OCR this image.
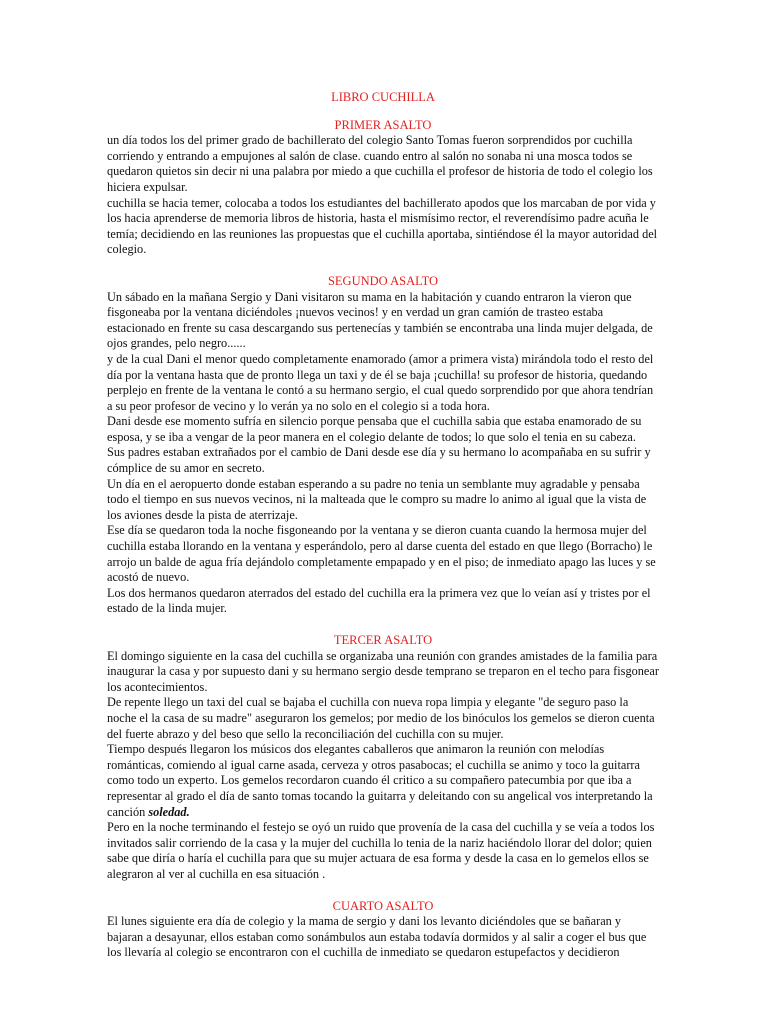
LIBRO CUCHILLA
PRIMER ASALTO

un día todos los del primer grado de bachillerato del colegio Santo Tomas fueron sorprendidos por cuchilla corriendo y entrando a empujones al salón de clase. cuando entro al salón no sonaba ni una mosca todos se quedaron quietos sin decir ni una palabra por miedo a que cuchilla el profesor de historia de todo el colegio los hiciera expulsar.

cuchilla se hacia temer, colocaba a todos los estudiantes del bachillerato apodos que los marcaban de por vida y los hacia aprenderse de memoria libros de historia, hasta el mismísimo rector, el reverendísimo padre acuña le temía; decidiendo en las reuniones las propuestas que el cuchilla aportaba, sintiéndose él la mayor autoridad del colegio.

SEGUNDO ASALTO

Un sábado en la mañana Sergio y Dani visitaron su mama en la habitación y cuando entraron la vieron que fisgoneaba por la ventana diciéndoles ¡nuevos vecinos! y en verdad un gran camión de trasteo estaba estacionado en frente su casa descargando sus pertenecías y también se encontraba una linda mujer delgada, de ojos grandes, pelo negro......

y de la cual Dani el menor quedo completamente enamorado (amor a primera vista) mirándola todo el resto del día por la ventana hasta que de pronto llega un taxi y de él se baja ¡cuchilla! su profesor de historia, quedando perplejo en frente de la ventana le contó a su hermano sergio, el cual quedo sorprendido por que ahora tendrían a su peor profesor de vecino y lo verán ya no solo en el colegio si a toda hora.

Dani desde ese momento sufría en silencio porque pensaba que el cuchilla sabia que estaba enamorado de su esposa, y se iba a vengar de la peor manera en el colegio delante de todos; lo que solo el tenia en su cabeza.

Sus padres estaban extrañados por el cambio de Dani desde ese día y su hermano lo acompañaba en su sufrir y cómplice de su amor en secreto.

Un día en el aeropuerto donde estaban esperando a su padre no tenia un semblante muy agradable y pensaba todo el tiempo en sus nuevos vecinos, ni la malteada que le compro su madre lo animo al igual que la vista de los aviones desde la pista de aterrizaje.

Ese día se quedaron toda la noche fisgoneando por la ventana y se dieron cuanta cuando la hermosa mujer del cuchilla estaba llorando en la ventana y esperándolo, pero al darse cuenta del estado en que llego (Borracho) le arrojo un balde de agua fría dejándolo completamente empapado y en el piso; de inmediato apago las luces y se acostó de nuevo.

Los dos hermanos quedaron aterrados del estado del cuchilla era la primera vez que lo veían así y tristes por el estado de la linda mujer.

TERCER ASALTO

El domingo siguiente en la casa del cuchilla se organizaba una reunión con grandes amistades de la familia para inaugurar la casa y por supuesto dani y su hermano sergio desde temprano se treparon en el techo para fisgonear los acontecimientos.

De repente llego un taxi del cual se bajaba el cuchilla con nueva ropa limpia y elegante "de seguro paso la noche el la casa de su madre" aseguraron los gemelos; por medio de los binóculos los gemelos se dieron cuenta del fuerte abrazo y del beso que sello la reconciliación del cuchilla con su mujer.

Tiempo después llegaron los músicos dos elegantes caballeros que animaron la reunión con melodías románticas, comiendo al igual carne asada, cerveza y otros pasabocas; el cuchilla se animo y toco la guitarra como todo un experto. Los gemelos recordaron cuando él critico a su compañero patecumbia por que iba a representar al grado el día de santo tomas tocando la guitarra y deleitando con su angelical vos interpretando la canción soledad.

Pero en la noche terminando el festejo se oyó un ruido que provenía de la casa del cuchilla y se veía a todos los invitados salir corriendo de la casa y la mujer del cuchilla lo tenia de la nariz haciéndolo llorar del dolor; quien sabe que diría o haría el cuchilla para que su mujer actuara de esa forma y desde la casa en lo gemelos ellos se alegraron al ver al cuchilla en esa situación .

CUARTO ASALTO

El lunes siguiente era día de colegio y la mama de sergio y dani los levanto diciéndoles que se bañaran y bajaran a desayunar, ellos estaban como sonámbulos aun estaba todavía dormidos y al salir a coger el bus que los llevaría al colegio se encontraron con el cuchilla de inmediato se quedaron estupefactos y decidieron
